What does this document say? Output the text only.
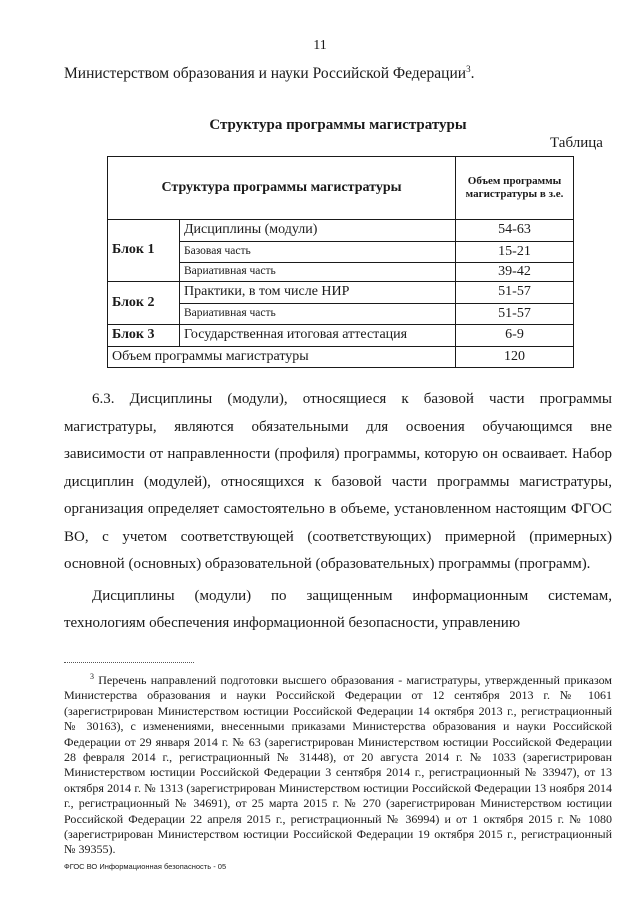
11
Министерством образования и науки Российской Федерации$^3$.
Структура программы магистратуры
Таблица
Структура программы магистратуры		Объем программы магистратуры в з.е.
Блок 1	Дисциплины (модули)	54-63
	Базовая часть	15-21
	Вариативная часть	39-42
Блок 2	Практики, в том числе НИР	51-57
	Вариативная часть	51-57
Блок 3	Государственная итоговая аттестация	6-9
Объем программы магистратуры		120

6.3. Дисциплины (модули), относящиеся к базовой части программы магистратуры, являются обязательными для освоения обучающимся вне зависимости от направленности (профиля) программы, которую он осваивает. Набор дисциплин (модулей), относящихся к базовой части программы магистратуры, организация определяет самостоятельно в объеме, установленном настоящим ФГОС ВО, с учетом соответствующей (соответствующих) примерной (примерных) основной (основных) образовательной (образовательных) программы (программ).

Дисциплины (модули) по защищенным информационным системам, технологиям обеспечения информационной безопасности, управлению

$^3$ Перечень направлений подготовки высшего образования - магистратуры, утвержденный приказом Министерства образования и науки Российской Федерации от 12 сентября 2013 г. № 1061 (зарегистрирован Министерством юстиции Российской Федерации 14 октября 2013 г., регистрационный № 30163), с изменениями, внесенными приказами Министерства образования и науки Российской Федерации от 29 января 2014 г. № 63 (зарегистрирован Министерством юстиции Российской Федерации 28 февраля 2014 г., регистрационный № 31448), от 20 августа 2014 г. № 1033 (зарегистрирован Министерством юстиции Российской Федерации 3 сентября 2014 г., регистрационный № 33947), от 13 октября 2014 г. № 1313 (зарегистрирован Министерством юстиции Российской Федерации 13 ноября 2014 г., регистрационный № 34691), от 25 марта 2015 г. № 270 (зарегистрирован Министерством юстиции Российской Федерации 22 апреля 2015 г., регистрационный № 36994) и от 1 октября 2015 г. № 1080 (зарегистрирован Министерством юстиции Российской Федерации 19 октября 2015 г., регистрационный № 39355).
ФГОС ВО Информационная безопасность - 05
